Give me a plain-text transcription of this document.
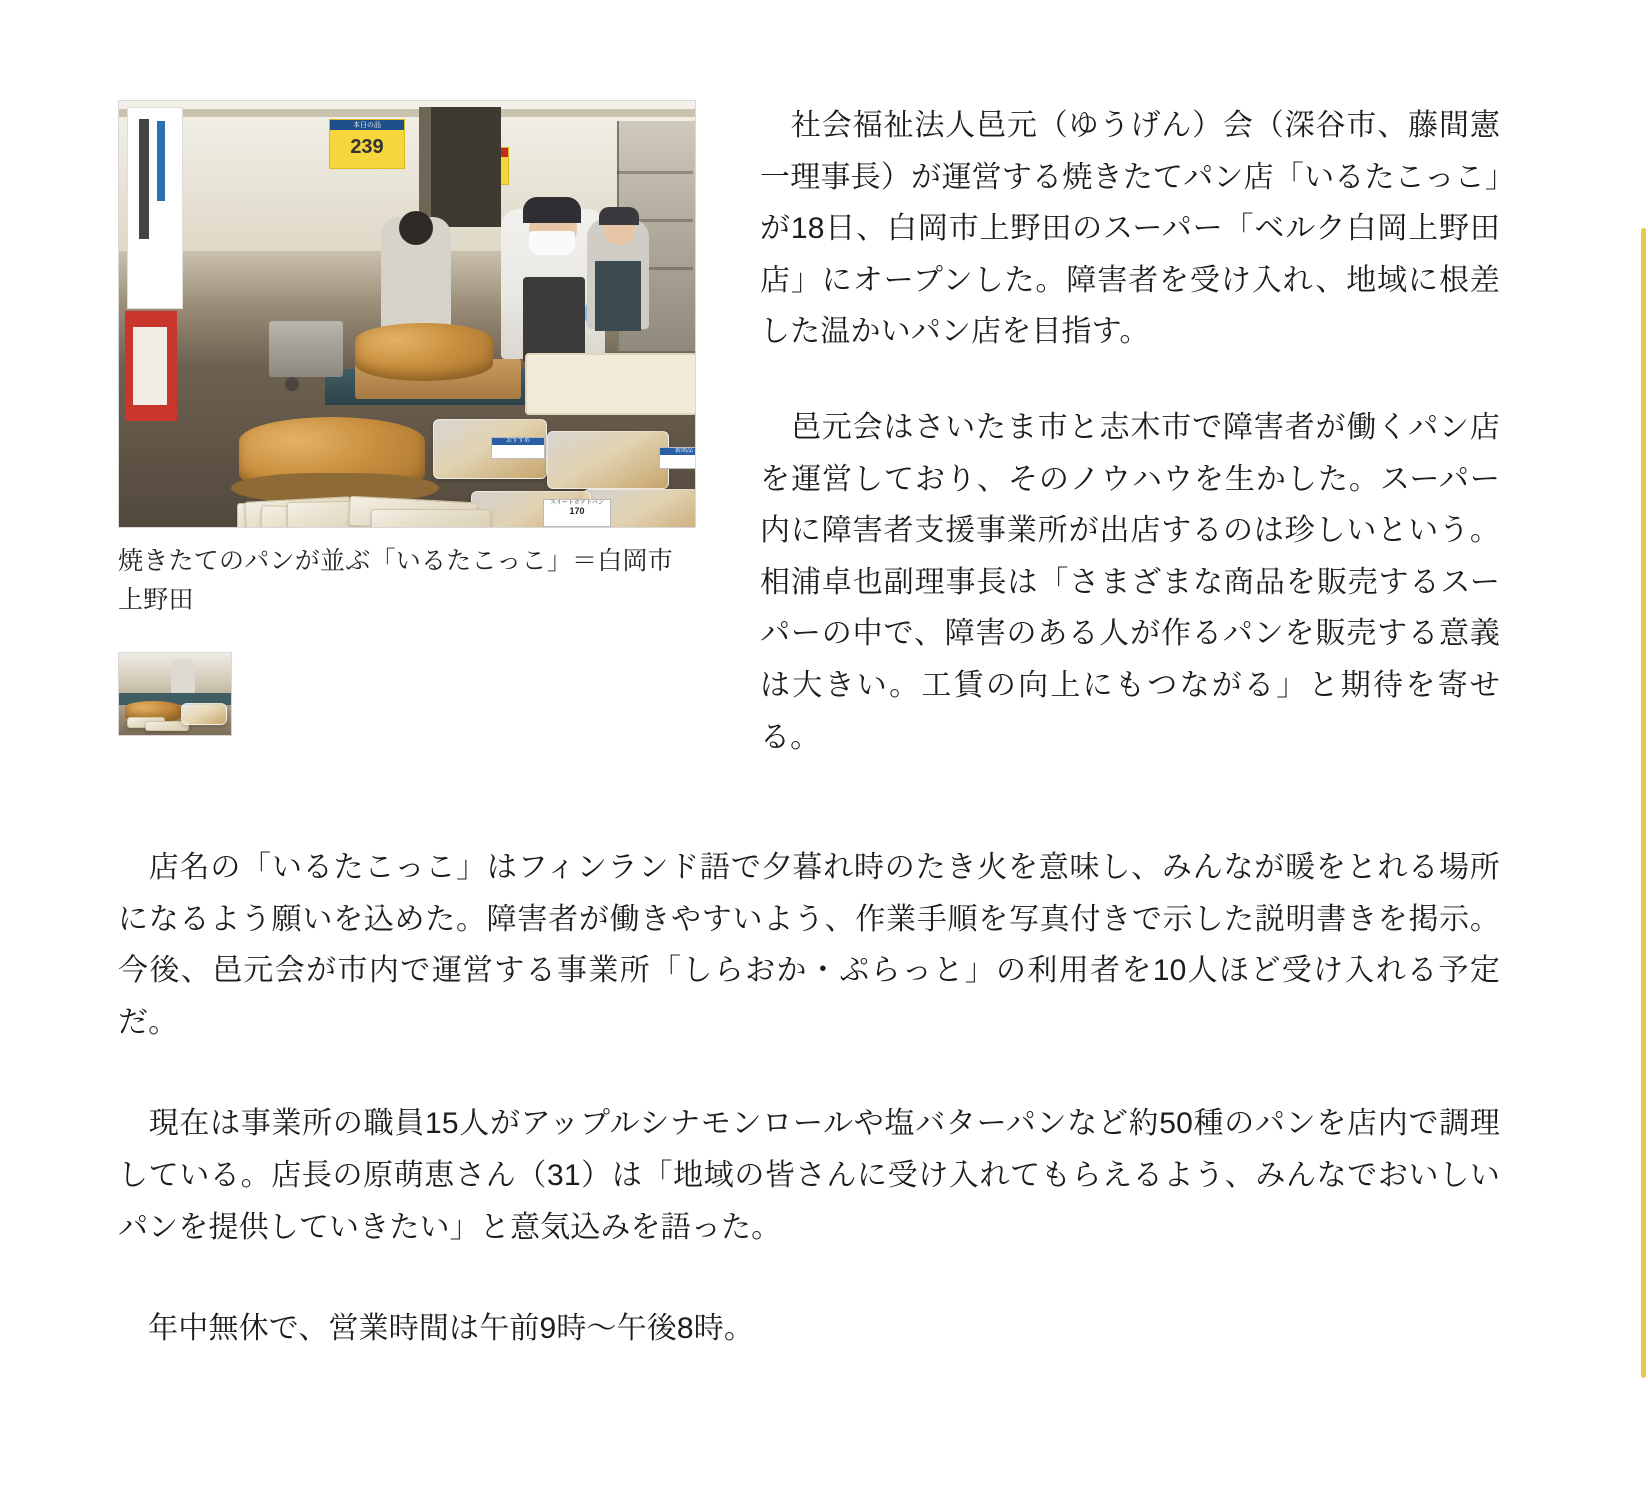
本日の品
239
おすすめ
新商品
スイートポテトパン
170
焼きたてのパンが並ぶ「いるたこっこ」＝白岡市上野田

　社会福祉法人邑元（ゆうげん）会（深谷市、藤間憲一理事長）が運営する焼きたてパン店「いるたこっこ」が18日、白岡市上野田のスーパー「ベルク白岡上野田店」にオープンした。障害者を受け入れ、地域に根差した温かいパン店を目指す。

　邑元会はさいたま市と志木市で障害者が働くパン店を運営しており、そのノウハウを生かした。スーパー内に障害者支援事業所が出店するのは珍しいという。相浦卓也副理事長は「さまざまな商品を販売するスーパーの中で、障害のある人が作るパンを販売する意義は大きい。工賃の向上にもつながる」と期待を寄せる。

　店名の「いるたこっこ」はフィンランド語で夕暮れ時のたき火を意味し、みんなが暖をとれる場所になるよう願いを込めた。障害者が働きやすいよう、作業手順を写真付きで示した説明書きを掲示。今後、邑元会が市内で運営する事業所「しらおか・ぷらっと」の利用者を10人ほど受け入れる予定だ。

　現在は事業所の職員15人がアップルシナモンロールや塩バターパンなど約50種のパンを店内で調理している。店長の原萌恵さん（31）は「地域の皆さんに受け入れてもらえるよう、みんなでおいしいパンを提供していきたい」と意気込みを語った。

　年中無休で、営業時間は午前9時〜午後8時。
